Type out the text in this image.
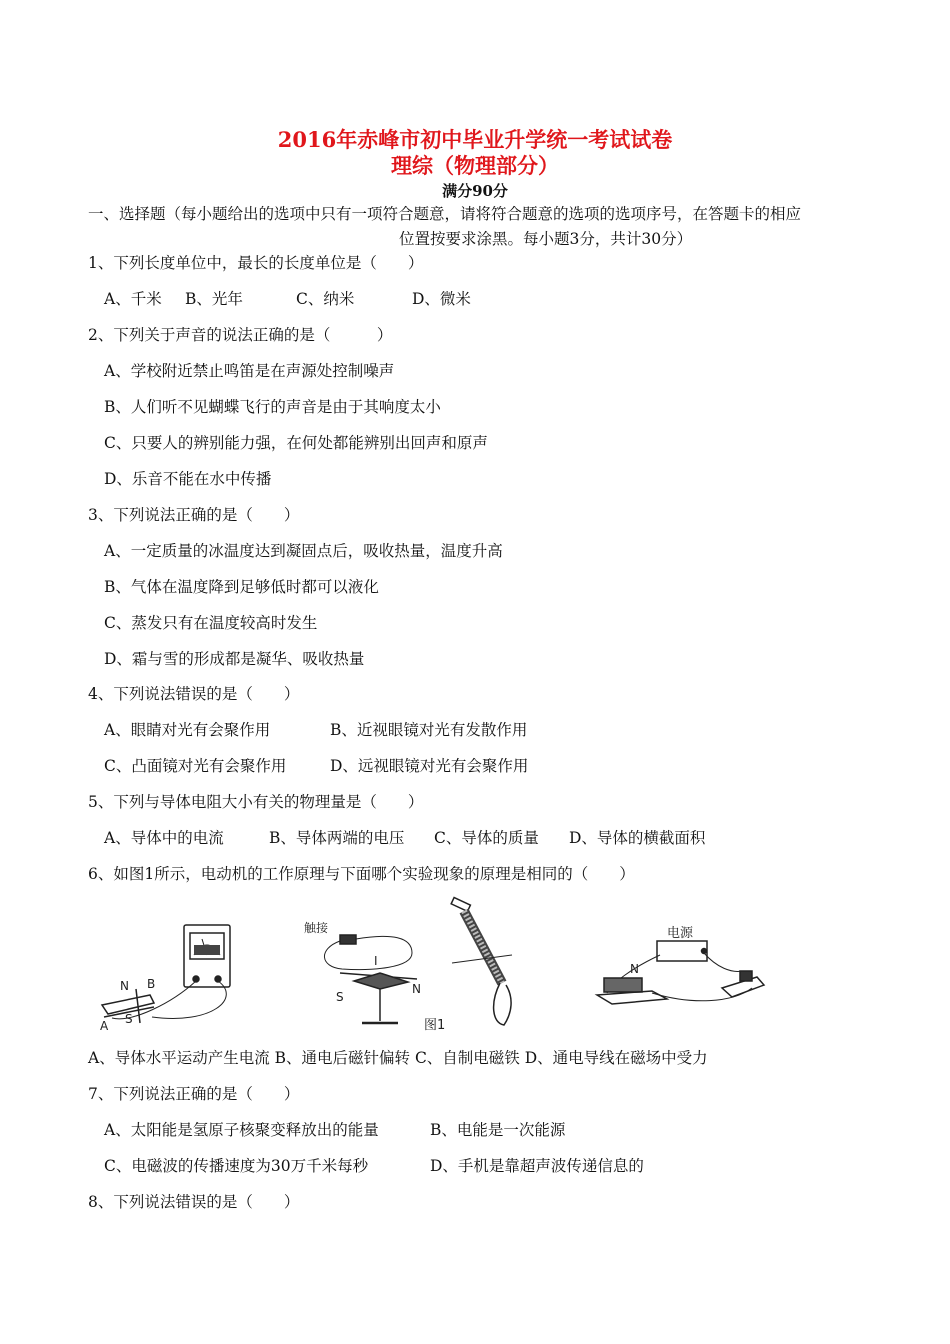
2016年赤峰市初中毕业升学统一考试试卷
理综（物理部分）
满分90分
一、选择题（每小题给出的选项中只有一项符合题意，请将符合题意的选项的选项序号，在答题卡的相应
位置按要求涂黑。每小题3分，共计30分）
1、下列长度单位中，最长的长度单位是（　　）
A、千米 B、光年	C、纳米	D、微米
2、下列关于声音的说法正确的是（　　　）
A、学校附近禁止鸣笛是在声源处控制噪声
B、人们听不见蝴蝶飞行的声音是由于其响度太小
C、只要人的辨别能力强，在何处都能辨别出回声和原声
D、乐音不能在水中传播
3、下列说法正确的是（　　）
A、一定质量的冰温度达到凝固点后，吸收热量，温度升高
B、气体在温度降到足够低时都可以液化
C、蒸发只有在温度较高时发生
D、霜与雪的形成都是凝华、吸收热量
4、下列说法错误的是（　　）
A、眼睛对光有会聚作用	B、近视眼镜对光有发散作用
C、凸面镜对光有会聚作用	D、远视眼镜对光有会聚作用
5、下列与导体电阻大小有关的物理量是（　　）
A、导体中的电流	B、导体两端的电压 C、导体的质量 D、导体的横截面积
6、如图1所示，电动机的工作原理与下面哪个实验现象的原理是相同的（　　）
N B
A S
触接
I
S
N
图1
电源
N
A、导体水平运动产生电流 B、通电后磁针偏转 C、自制电磁铁 D、通电导线在磁场中受力
7、下列说法正确的是（　　）
A、太阳能是氢原子核聚变释放出的能量	B、电能是一次能源
C、电磁波的传播速度为30万千米每秒	D、手机是靠超声波传递信息的
8、下列说法错误的是（　　）
